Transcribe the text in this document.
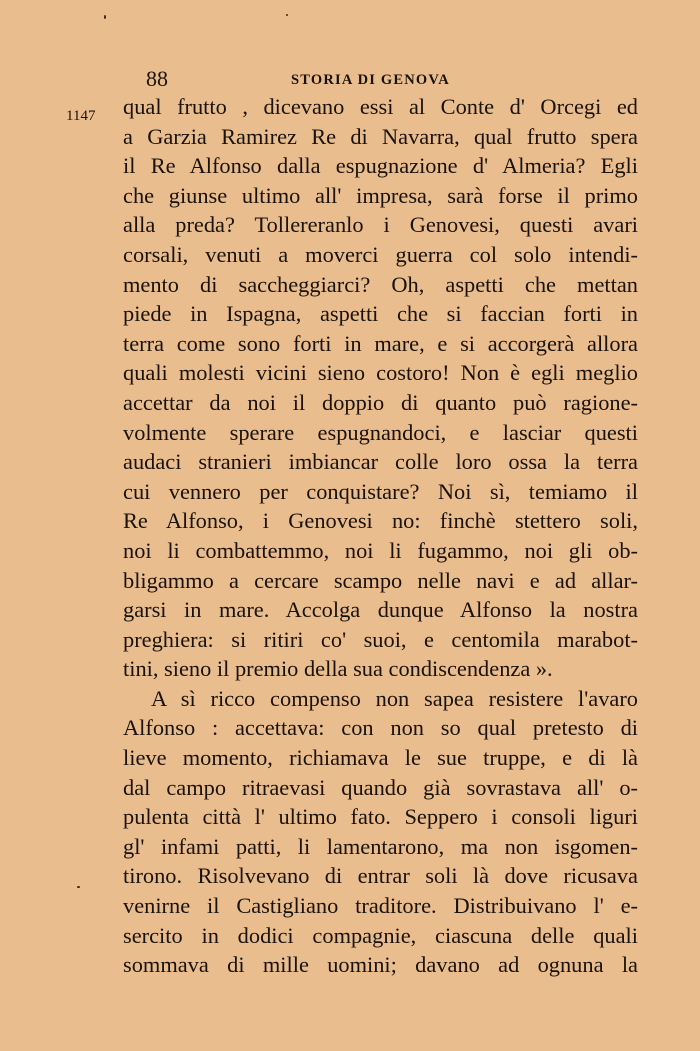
88	STORIA DI GENOVA
1147 qual frutto , dicevano essi al Conte d' Orcegi ed
a Garzia Ramirez Re di Navarra, qual frutto spera
il Re Alfonso dalla espugnazione d' Almeria? Egli
che giunse ultimo all' impresa, sarà forse il primo
alla preda? Tollereranlo i Genovesi, questi avari
corsali, venuti a moverci guerra col solo intendi-
mento di saccheggiarci? Oh, aspetti che mettan
piede in Ispagna, aspetti che si faccian forti in
terra come sono forti in mare, e si accorgerà allora
quali molesti vicini sieno costoro! Non è egli meglio
accettar da noi il doppio di quanto può ragione-
volmente sperare espugnandoci, e lasciar questi
audaci stranieri imbiancar colle loro ossa la terra
cui vennero per conquistare? Noi sì, temiamo il
Re Alfonso, i Genovesi no: finchè stettero soli,
noi li combattemmo, noi li fugammo, noi gli ob-
bligammo a cercare scampo nelle navi e ad allar-
garsi in mare. Accolga dunque Alfonso la nostra
preghiera: si ritiri co' suoi, e centomila marabot-
tini, sieno il premio della sua condiscendenza ».
A sì ricco compenso non sapea resistere l'avaro
Alfonso : accettava: con non so qual pretesto di
lieve momento, richiamava le sue truppe, e di là
dal campo ritraevasi quando già sovrastava all' o-
pulenta città l' ultimo fato. Seppero i consoli liguri
gl' infami patti, li lamentarono, ma non isgomen-
tirono. Risolvevano di entrar soli là dove ricusava
venirne il Castigliano traditore. Distribuivano l' e-
sercito in dodici compagnie, ciascuna delle quali
sommava di mille uomini; davano ad ognuna la
